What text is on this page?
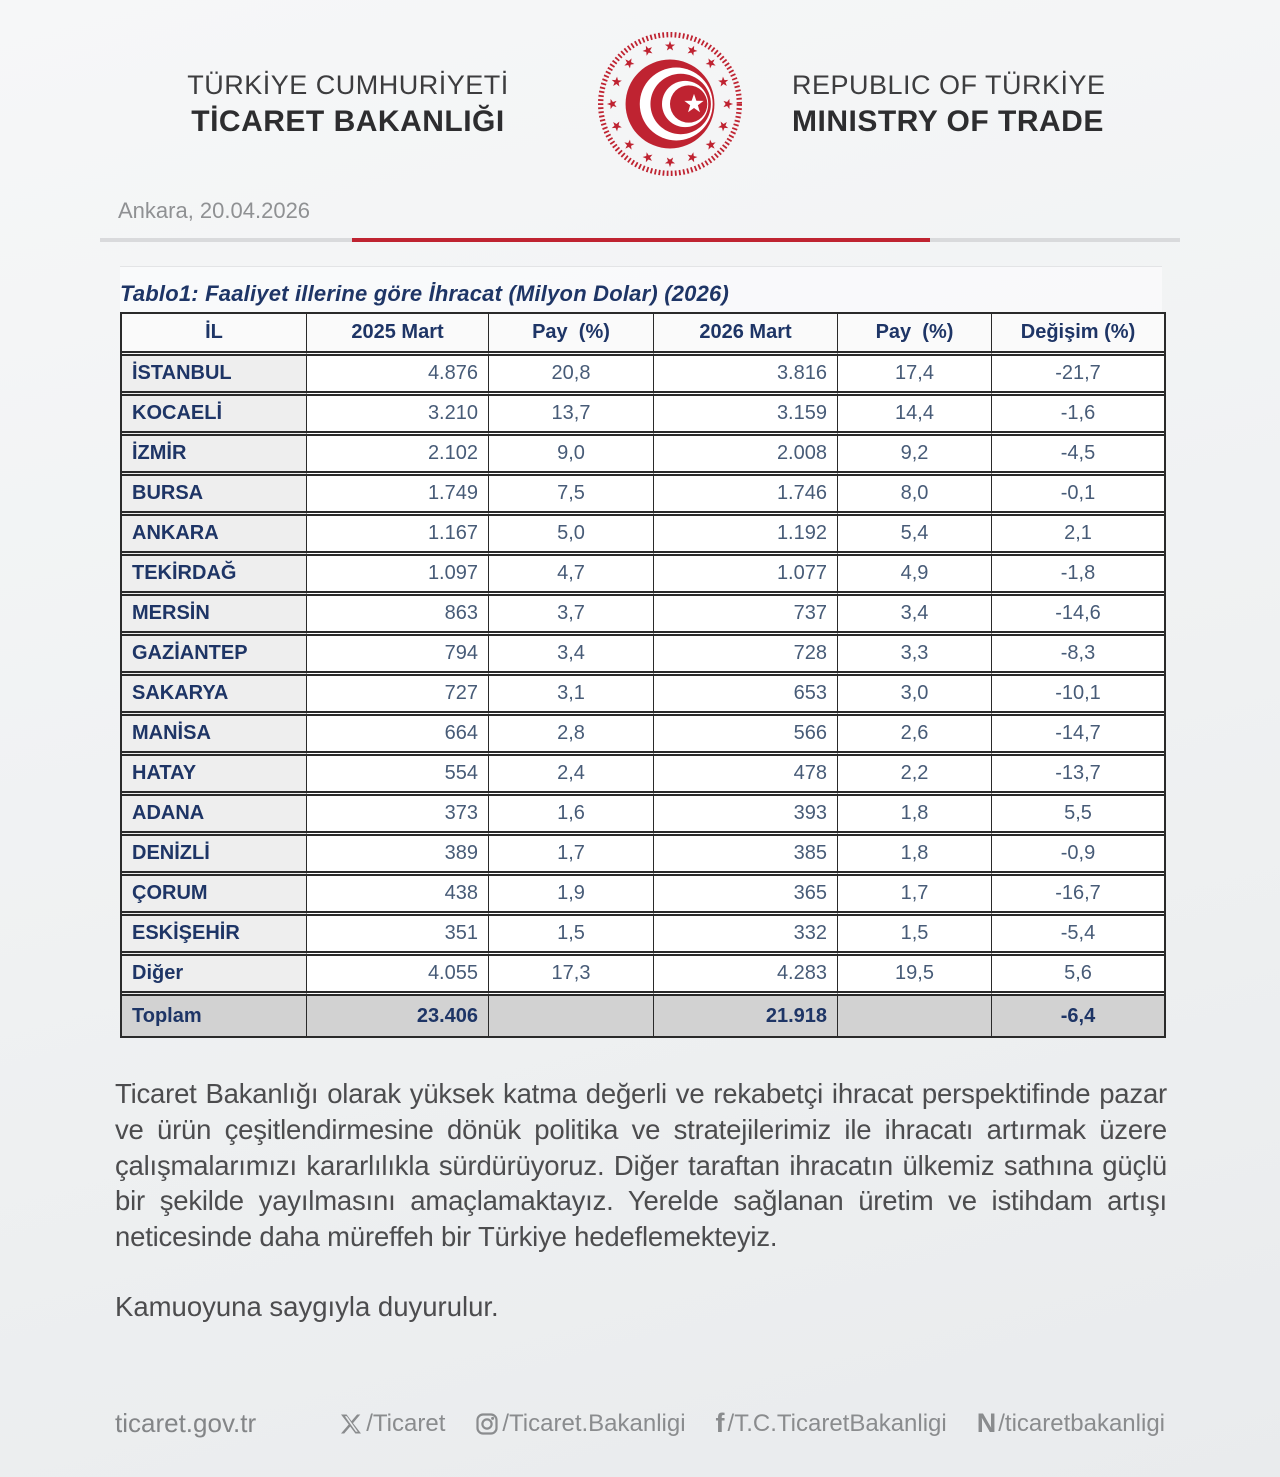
TÜRKİYE CUMHURİYETİ
TİCARET BAKANLIĞI
REPUBLIC OF TÜRKİYE
MINISTRY OF TRADE
Ankara, 20.04.2026
Tablo1: Faaliyet illerine göre İhracat (Milyon Dolar) (2026)
İL	2025 Mart	Pay  (%)	2026 Mart	Pay  (%)	Değişim (%)
İSTANBUL	4.876	20,8	3.816	17,4	-21,7
KOCAELİ	3.210	13,7	3.159	14,4	-1,6
İZMİR	2.102	9,0	2.008	9,2	-4,5
BURSA	1.749	7,5	1.746	8,0	-0,1
ANKARA	1.167	5,0	1.192	5,4	2,1
TEKİRDAĞ	1.097	4,7	1.077	4,9	-1,8
MERSİN	863	3,7	737	3,4	-14,6
GAZİANTEP	794	3,4	728	3,3	-8,3
SAKARYA	727	3,1	653	3,0	-10,1
MANİSA	664	2,8	566	2,6	-14,7
HATAY	554	2,4	478	2,2	-13,7
ADANA	373	1,6	393	1,8	5,5
DENİZLİ	389	1,7	385	1,8	-0,9
ÇORUM	438	1,9	365	1,7	-16,7
ESKİŞEHİR	351	1,5	332	1,5	-5,4
Diğer	4.055	17,3	4.283	19,5	5,6
Toplam	23.406		21.918		-6,4

Ticaret Bakanlığı olarak yüksek katma değerli ve rekabetçi ihracat perspektifinde pazar ve ürün çeşitlendirmesine dönük politika ve stratejilerimiz ile ihracatı artırmak üzere çalışmalarımızı kararlılıkla sürdürüyoruz. Diğer taraftan ihracatın ülkemiz sathına güçlü bir şekilde yayılmasını amaçlamaktayız. Yerelde sağlanan üretim ve istihdam artışı neticesinde daha müreffeh bir Türkiye hedeflemekteyiz.

Kamuoyuna saygıyla duyurulur.

ticaret.gov.tr	/Ticaret /Ticaret.Bakanligi f /T.C.TicaretBakanligi N /ticaretbakanligi
